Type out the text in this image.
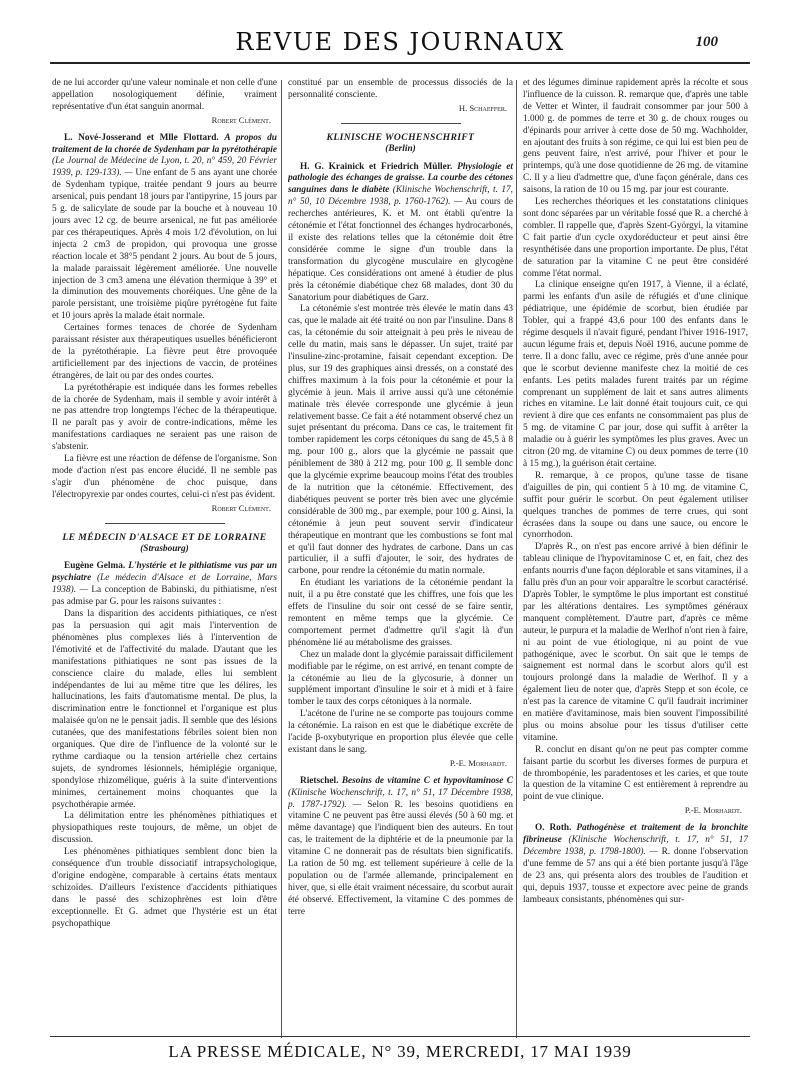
REVUE DES JOURNAUX	100

de ne lui accorder qu'une valeur nominale et non celle d'une appellation nosologiquement définie, vraiment représentative d'un état sanguin anormal.

Robert Clément.

L. Nové-Josserand et Mlle Flottard. A propos du traitement de la chorée de Sydenham par la pyrétothérapie (Le Journal de Médecine de Lyon, t. 20, n° 459, 20 Février 1939, p. 129-133). — Une enfant de 5 ans ayant une chorée de Sydenham typique, traitée pendant 9 jours au beurre arsenical, puis pendant 18 jours par l'antipyrine, 15 jours par 5 g. de salicylate de soude par la bouche et à nouveau 10 jours avec 12 cg. de beurre arsenical, ne fut pas améliorée par ces thérapeutiques. Après 4 mois 1/2 d'évolution, on lui injecta 2 cm3 de propidon, qui provoqua une grosse réaction locale et 38°5 pendant 2 jours. Au bout de 5 jours, la malade paraissait légèrement améliorée. Une nouvelle injection de 3 cm3 amena une élévation thermique à 39° et la diminution des mouvements choréiques. Une gêne de la parole persistant, une troisième piqûre pyrétogène fut faite et 10 jours après la malade était normale.

Certaines formes tenaces de chorée de Sydenham paraissant résister aux thérapeutiques usuelles bénéficieront de la pyrétothérapie. La fièvre peut être provoquée artificiellement par des injections de vaccin, de protéines étrangères, de lait ou par des ondes courtes.

La pyrétothérapie est indiquée dans les formes rebelles de la chorée de Sydenham, mais il semble y avoir intérêt à ne pas attendre trop longtemps l'échec de la thérapeutique. Il ne paraît pas y avoir de contre-indications, même les manifestations cardiaques ne seraient pas une raison de s'abstenir.

La fièvre est une réaction de défense de l'organisme. Son mode d'action n'est pas encore élucidé. Il ne semble pas s'agir d'un phénomène de choc puisque, dans l'électropyrexie par ondes courtes, celui-ci n'est pas évident.

Robert Clément.

LE MÉDECIN D'ALSACE ET DE LORRAINE

(Strasbourg)

Eugène Gelma. L'hystérie et le pithiatisme vus par un psychiatre (Le médecin d'Alsace et de Lorraine, Mars 1938). — La conception de Babinski, du pithiatisme, n'est pas admise par G. pour les raisons suivantes :

Dans la disparition des accidents pithiatiques, ce n'est pas la persuasion qui agit mais l'intervention de phénomènes plus complexes liés à l'intervention de l'émotivité et de l'affectivité du malade. D'autant que les manifestations pithiatiques ne sont pas issues de la conscience claire du malade, elles lui semblent indépendantes de lui au même titre que les délires, les hallucinations, les faits d'automatisme mental. De plus, la discrimination entre le fonctionnel et l'organique est plus malaisée qu'on ne le pensait jadis. Il semble que des lésions cutanées, que des manifestations fébriles soient bien non organiques. Que dire de l'influence de la volonté sur le rythme cardiaque ou la tension artérielle chez certains sujets, de syndromes lésionnels, hémiplégie organique, spondylose rhizomélique, guéris à la suite d'interventions minimes, certainement moins choquantes que la psychothérapie armée.

La délimitation entre les phénomènes pithiatiques et physiopathiques reste toujours, de même, un objet de discussion.

Les phénomènes pithiatiques semblent donc bien la conséquence d'un trouble dissociatif intrapsychologique, d'origine endogène, comparable à certains états mentaux schizoïdes. D'ailleurs l'existence d'accidents pithiatiques dans le passé des schizophrènes est loin d'être exceptionnelle. Et G. admet que l'hystérie est un état psychopathique

constitué par un ensemble de processus dissociés de la personnalité consciente.

H. Schaeffer.

KLINISCHE WOCHENSCHRIFT

(Berlin)

H. G. Krainick et Friedrich Müller. Physiologie et pathologie des échanges de graisse. La courbe des cétones sanguines dans le diabète (Klinische Wochenschrift, t. 17, n° 50, 10 Décembre 1938, p. 1760-1762). — Au cours de recherches antérieures, K. et M. ont établi qu'entre la cétonémie et l'état fonctionnel des échanges hydrocarbonés, il existe des relations telles que la cétonémie doit être considérée comme le signe d'un trouble dans la transformation du glycogène musculaire en glycogène hépatique. Ces considérations ont amené à étudier de plus près la cétonémie diabétique chez 68 malades, dont 30 du Sanatorium pour diabétiques de Garz.

La cétonémie s'est montrée très élevée le matin dans 43 cas, que le malade ait été traité ou non par l'insuline. Dans 8 cas, la cétonémie du soir atteignait à peu près le niveau de celle du matin, mais sans le dépasser. Un sujet, traité par l'insuline-zinc-protamine, faisait cependant exception. De plus, sur 19 des graphiques ainsi dressés, on a constaté des chiffres maximum à la fois pour la cétonémie et pour la glycémie à jeun. Mais il arrive aussi qu'à une cétonémie matinale très élevée corresponde une glycémie à jeun relativement basse. Ce fait a été notamment observé chez un sujet présentant du précoma. Dans ce cas, le traitement fit tomber rapidement les corps cétoniques du sang de 45,5 à 8 mg. pour 100 g., alors que la glycémie ne passait que péniblement de 380 à 212 mg. pour 100 g. Il semble donc que la glycémie exprime beaucoup moins l'état des troubles de la nutrition que la cétonémie. Effectivement, des diabétiques peuvent se porter très bien avec une glycémie considérable de 300 mg., par exemple, pour 100 g. Ainsi, la cétonémie à jeun peut souvent servir d'indicateur thérapeutique en montrant que les combustions se font mal et qu'il faut donner des hydrates de carbone. Dans un cas particulier, il a suffi d'ajouter, le soir, des hydrates de carbone, pour rendre la cétonémie du matin normale.

En étudiant les variations de la cétonémie pendant la nuit, il a pu être constaté que les chiffres, une fois que les effets de l'insuline du soir ont cessé de se faire sentir, remontent en même temps que la glycémie. Ce comportement permet d'admettre qu'il s'agit là d'un phénomène lié au métabolisme des graisses.

Chez un malade dont la glycémie paraissait difficilement modifiable par le régime, on est arrivé, en tenant compte de la cétonémie au lieu de la glycosurie, à donner un supplément important d'insuline le soir et à midi et à faire tomber le taux des corps cétoniques à la normale.

L'acétone de l'urine ne se comporte pas toujours comme la cétonémie. La raison en est que le diabétique excrète de l'acide β-oxybutyrique en proportion plus élevée que celle existant dans le sang.

P.-E. Morhardt.

Rietschel. Besoins de vitamine C et hypovitaminose C (Klinische Wochenschrift, t. 17, n° 51, 17 Décembre 1938, p. 1787-1792). — Selon R. les besoins quotidiens en vitamine C ne peuvent pas être aussi élevés (50 à 60 mg. et même davantage) que l'indiquent bien des auteurs. En tout cas, le traitement de la diphtérie et de la pneumonie par la vitamine C ne donnerait pas de résultats bien significatifs. La ration de 50 mg. est tellement supérieure à celle de la population ou de l'armée allemande, principalement en hiver, que, si elle était vraiment nécessaire, du scorbut aurait été observé. Effectivement, la vitamine C des pommes de terre

et des légumes diminue rapidement après la récolte et sous l'influence de la cuisson. R. remarque que, d'après une table de Vetter et Winter, il faudrait consommer par jour 500 à 1.000 g. de pommes de terre et 30 g. de choux rouges ou d'épinards pour arriver à cette dose de 50 mg. Wachholder, en ajoutant des fruits à son régime, ce qui lui est bien peu de gens peuvent faire, n'est arrivé, pour l'hiver et pour le printemps, qu'à une dose quotidienne de 26 mg. de vitamine C. Il y a lieu d'admettre que, d'une façon générale, dans ces saisons, la ration de 10 ou 15 mg. par jour est courante.

Les recherches théoriques et les constatations cliniques sont donc séparées par un véritable fossé que R. a cherché à combler. Il rappelle que, d'après Szent-Györgyi, la vitamine C fait partie d'un cycle oxydoréducteur et peut ainsi être resynthétisée dans une proportion importante. De plus, l'état de saturation par la vitamine C ne peut être considéré comme l'état normal.

La clinique enseigne qu'en 1917, à Vienne, il a éclaté, parmi les enfants d'un asile de réfugiés et d'une clinique pédiatrique, une épidémie de scorbut, bien étudiée par Tobler, qui a frappé 43,6 pour 100 des enfants dans le régime desquels il n'avait figuré, pendant l'hiver 1916-1917, aucun légume frais et, depuis Noël 1916, aucune pomme de terre. Il a donc fallu, avec ce régime, près d'une année pour que le scorbut devienne manifeste chez la moitié de ces enfants. Les petits malades furent traités par un régime comprenant un supplément de lait et sans autres aliments riches en vitamine. Le lait donné était toujours cuit, ce qui revient à dire que ces enfants ne consommaient pas plus de 5 mg. de vitamine C par jour, dose qui suffit à arrêter la maladie ou à guérir les symptômes les plus graves. Avec un citron (20 mg. de vitamine C) ou deux pommes de terre (10 à 15 mg.), la guérison était certaine.

R. remarque, à ce propos, qu'une tasse de tisane d'aiguilles de pin, qui contient 5 à 10 mg. de vitamine C, suffit pour guérir le scorbut. On peut également utiliser quelques tranches de pommes de terre crues, qui sont écrasées dans la soupe ou dans une sauce, ou encore le cynorrhodon.

D'après R., on n'est pas encore arrivé à bien définir le tableau clinique de l'hypovitaminose C et, en fait, chez des enfants nourris d'une façon déplorable et sans vitamines, il a fallu près d'un an pour voir apparaître le scorbut caractérisé. D'après Tobler, le symptôme le plus important est constitué par les altérations dentaires. Les symptômes généraux manquent complètement. D'autre part, d'après ce même auteur, le purpura et la maladie de Werlhof n'ont rien à faire, ni au point de vue étiologique, ni au point de vue pathogénique, avec le scorbut. On sait que le temps de saignement est normal dans le scorbut alors qu'il est toujours prolongé dans la maladie de Werlhof. Il y a également lieu de noter que, d'après Stepp et son école, ce n'est pas la carence de vitamine C qu'il faudrait incriminer en matière d'avitaminose, mais bien souvent l'impossibilité plus ou moins absolue pour les tissus d'utiliser cette vitamine.

R. conclut en disant qu'on ne peut pas compter comme faisant partie du scorbut les diverses formes de purpura et de thrombopénie, les paradentoses et les caries, et que toute la question de la vitamine C est entièrement à reprendre au point de vue clinique.

P.-E. Morhardt.

O. Roth. Pathogénèse et traitement de la bronchite fibrineuse (Klinische Wochenschrift, t. 17, n° 51, 17 Décembre 1938, p. 1798-1800). — R. donne l'observation d'une femme de 57 ans qui a été bien portante jusqu'à l'âge de 23 ans, qui présenta alors des troubles de l'audition et qui, depuis 1937, tousse et expectore avec peine de grands lambeaux consistants, phénomènes qui sur-

LA PRESSE MÉDICALE, N° 39, MERCREDI, 17 MAI 1939
